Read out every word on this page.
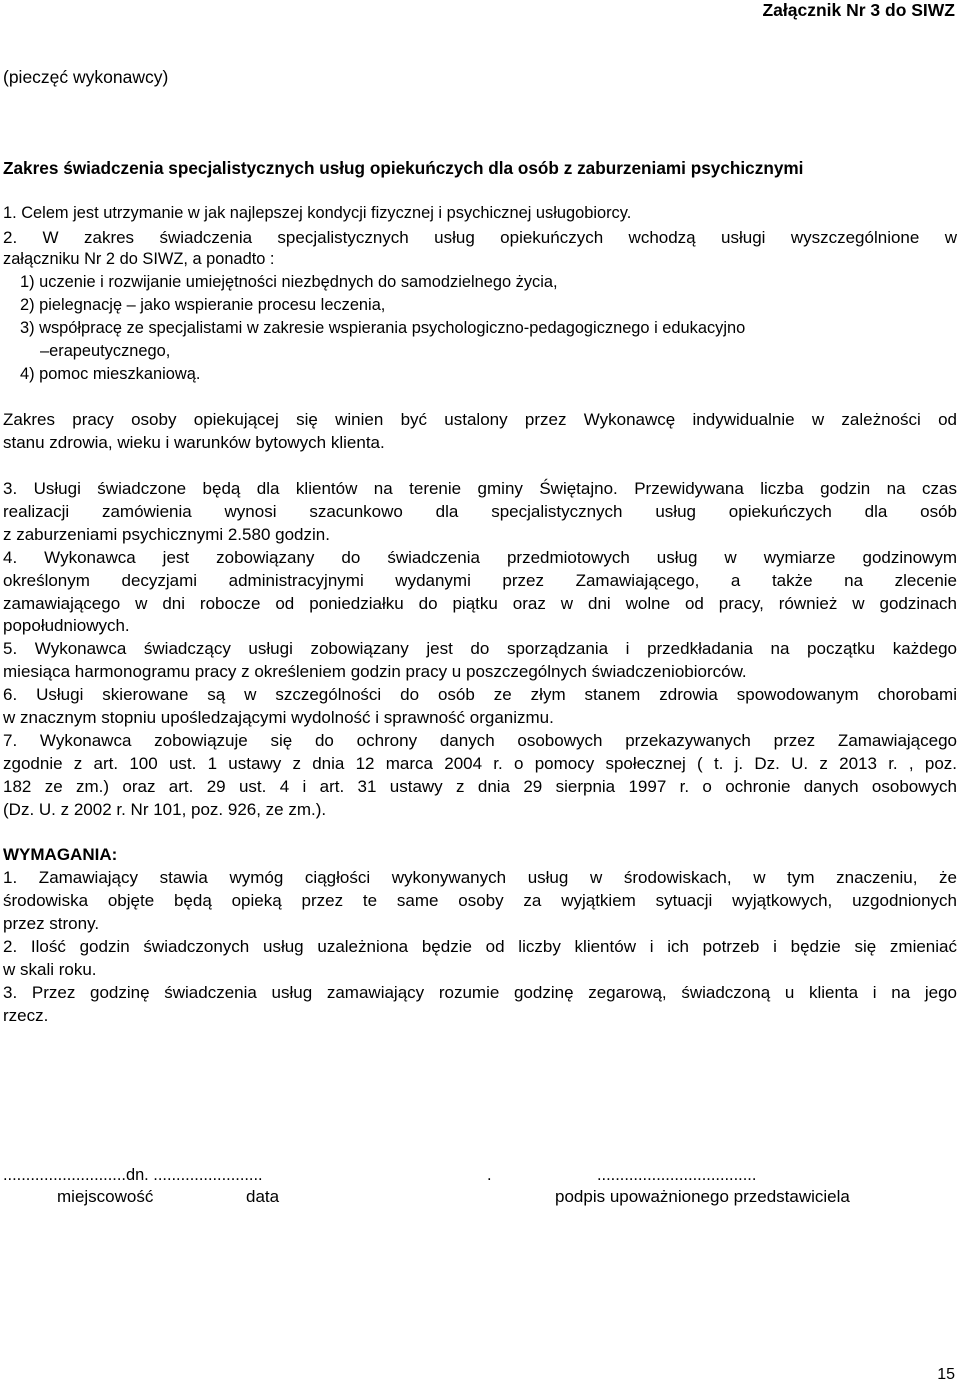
Załącznik Nr 3 do SIWZ
(pieczęć wykonawcy)
Zakres świadczenia specjalistycznych usług opiekuńczych dla osób z zaburzeniami psychicznymi
1. Celem jest utrzymanie w jak najlepszej kondycji fizycznej i psychicznej usługobiorcy.
2. W zakres świadczenia specjalistycznych usług opiekuńczych wchodzą usługi wyszczególnione w
załączniku Nr 2 do SIWZ, a ponadto :
1) uczenie i rozwijanie umiejętności niezbędnych do samodzielnego życia,
2) pielegnację – jako wspieranie procesu leczenia,
3) współpracę ze specjalistami w zakresie wspierania psychologiczno-pedagogicznego i edukacyjno
–erapeutycznego,
4) pomoc mieszkaniową.
Zakres pracy osoby opiekującej się winien być ustalony przez Wykonawcę indywidualnie w zależności od
stanu zdrowia, wieku i warunków bytowych klienta.
3. Usługi świadczone będą dla klientów na terenie gminy Świętajno. Przewidywana liczba godzin na czas
realizacji zamówienia wynosi szacunkowo dla specjalistycznych usług opiekuńczych dla osób
z zaburzeniami psychicznymi 2.580 godzin.
4. Wykonawca jest zobowiązany do świadczenia przedmiotowych usług w wymiarze godzinowym
określonym decyzjami administracyjnymi wydanymi przez Zamawiającego, a także na zlecenie
zamawiającego w dni robocze od poniedziałku do piątku oraz w dni wolne od pracy, również w godzinach
popołudniowych.
5. Wykonawca świadczący usługi zobowiązany jest do sporządzania i przedkładania na początku każdego
miesiąca harmonogramu pracy z określeniem godzin pracy u poszczególnych świadczeniobiorców.
6. Usługi skierowane są w szczególności do osób ze złym stanem zdrowia spowodowanym chorobami
w znacznym stopniu upośledzającymi wydolność i sprawność organizmu.
7. Wykonawca zobowiązuje się do ochrony danych osobowych przekazywanych przez Zamawiającego
zgodnie z art. 100 ust. 1 ustawy z dnia 12 marca 2004 r. o pomocy społecznej ( t. j. Dz. U. z 2013 r. , poz.
182 ze zm.) oraz art. 29 ust. 4 i art. 31 ustawy z dnia 29 sierpnia 1997 r. o ochronie danych osobowych
(Dz. U. z 2002 r. Nr 101, poz. 926, ze zm.).
WYMAGANIA:
1. Zamawiający stawia wymóg ciągłości wykonywanych usług w środowiskach, w tym znaczeniu, że
środowiska objęte będą opieką przez te same osoby za wyjątkiem sytuacji wyjątkowych, uzgodnionych
przez strony.
2. Ilość godzin świadczonych usług uzależniona będzie od liczby klientów i ich potrzeb i będzie się zmieniać
w skali roku.
3. Przez godzinę świadczenia usług zamawiający rozumie godzinę zegarową, świadczoną u klienta i na jego
rzecz.
...........................dn. ........................	.	...................................
miejscowość	data	podpis upoważnionego przedstawiciela
15
